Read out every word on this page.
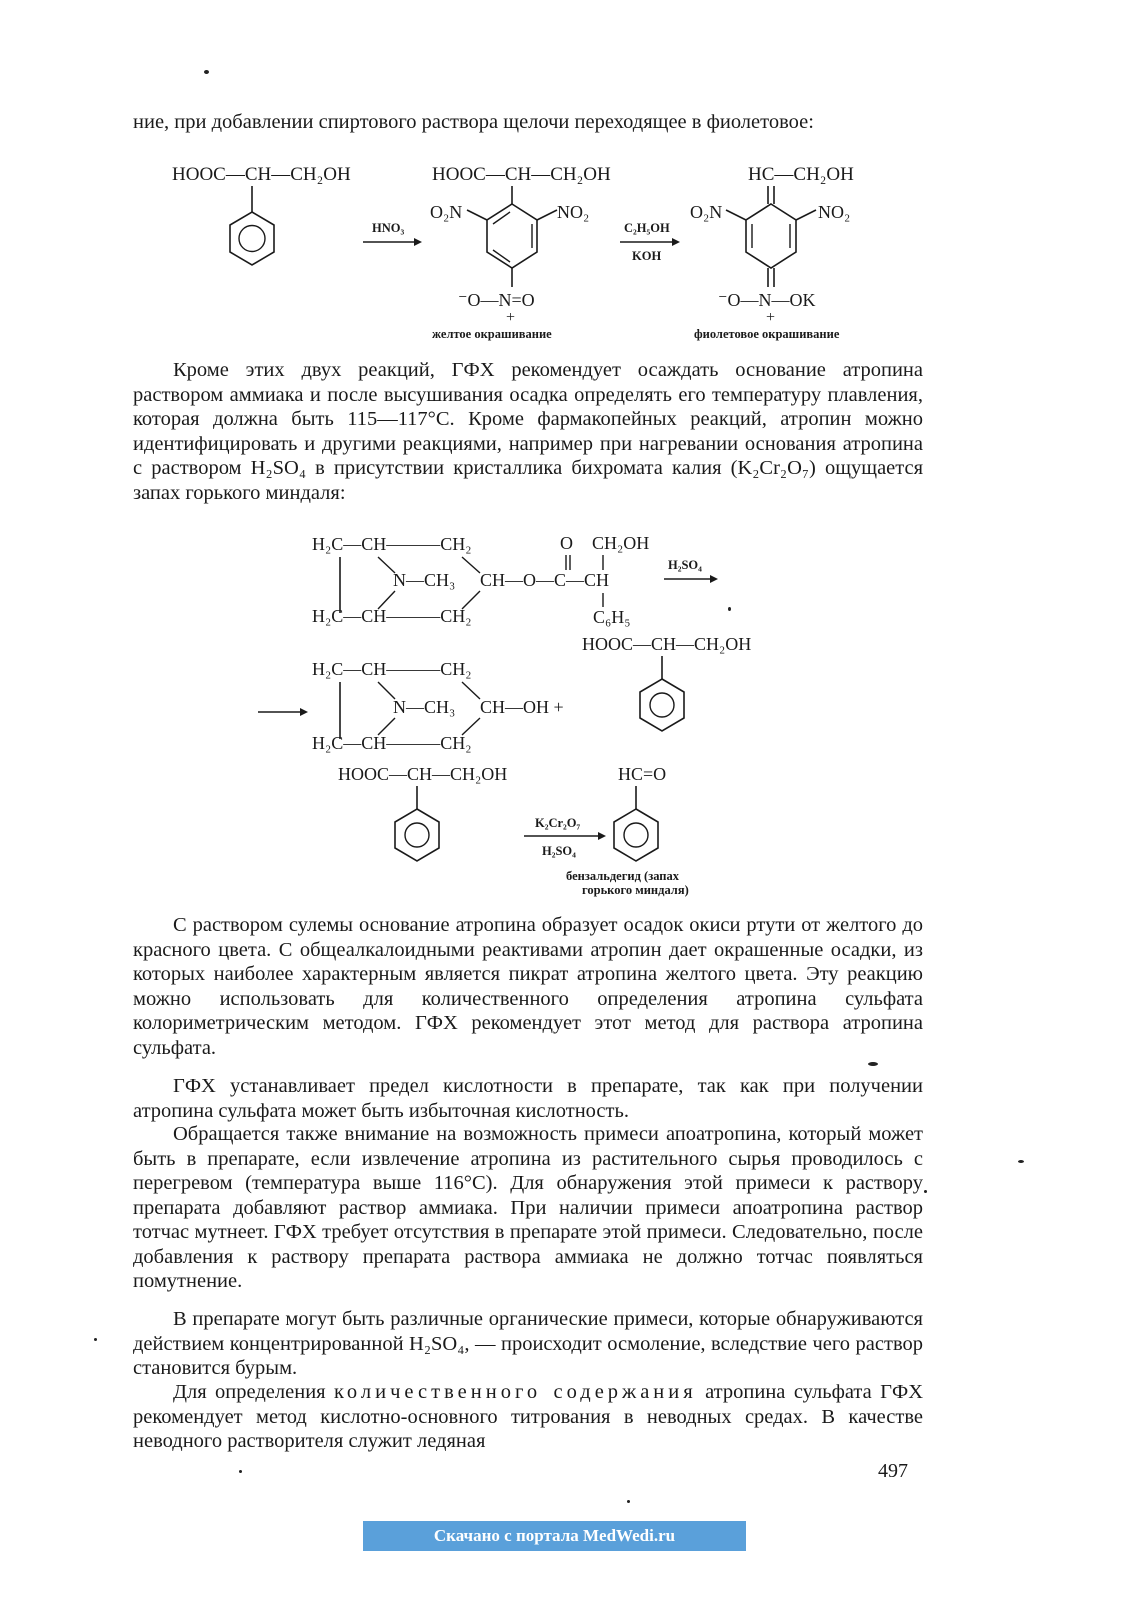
ние, при добавлении спиртового раствора щелочи переходящее в фиолетовое:

HOOC—CH—CH₂OH
HNO₃
HOOC—CH—CH₂OH
O₂N	NO₂
⁻O—N=O
+
желтое окрашивание
C₂H₅OH
KOH
HC—CH₂OH
O₂N	NO₂
⁻O—N—OK
+
фиолетовое окрашивание

Кроме этих двух реакций, ГФХ рекомендует осаждать основание атропина раствором аммиака и после высушивания осадка определять его температуру плавления, которая должна быть 115—117°С. Кроме фармакопейных реакций, атропин можно идентифицировать и другими реакциями, например при нагревании основания атропина с раствором H₂SO₄ в присутствии кристаллика бихромата калия (K₂Cr₂O₇) ощущается запах горького миндаля:

H₂C—CH———CH₂
N—CH₃ CH—O—C—CH
O CH₂OH
C₆H₅
H₂C—CH———CH₂
H₂SO₄
HOOC—CH—CH₂OH
H₂C—CH———CH₂
N—CH₃ CH—OH +
H₂C—CH———CH₂
HOOC—CH—CH₂OH
K₂Cr₂O₇
H₂SO₄
HC=O
бензальдегид (запах
горького миндаля)

С раствором сулемы основание атропина образует осадок окиси ртути от желтого до красного цвета. С общеалкалоидными реактивами атропин дает окрашенные осадки, из которых наиболее характерным является пикрат атропина желтого цвета. Эту реакцию можно использовать для количественного определения атропина сульфата колориметрическим методом. ГФХ рекомендует этот метод для раствора атропина сульфата.

ГФХ устанавливает предел кислотности в препарате, так как при получении атропина сульфата может быть избыточная кислотность.

Обращается также внимание на возможность примеси апоатропина, который может быть в препарате, если извлечение атропина из растительного сырья проводилось с перегревом (температура выше 116°С). Для обнаружения этой примеси к раствору препарата добавляют раствор аммиака. При наличии примеси апоатропина раствор тотчас мутнеет. ГФХ требует отсутствия в препарате этой примеси. Следовательно, после добавления к раствору препарата раствора аммиака не должно тотчас появляться помутнение.

В препарате могут быть различные органические примеси, которые обнаруживаются действием концентрированной H₂SO₄, — происходит осмоление, вследствие чего раствор становится бурым.

Для определения количественного содержания атропина сульфата ГФХ рекомендует метод кислотно-основного титрования в неводных средах. В качестве неводного растворителя служит ледяная

497
Скачано с портала MedWedi.ru
